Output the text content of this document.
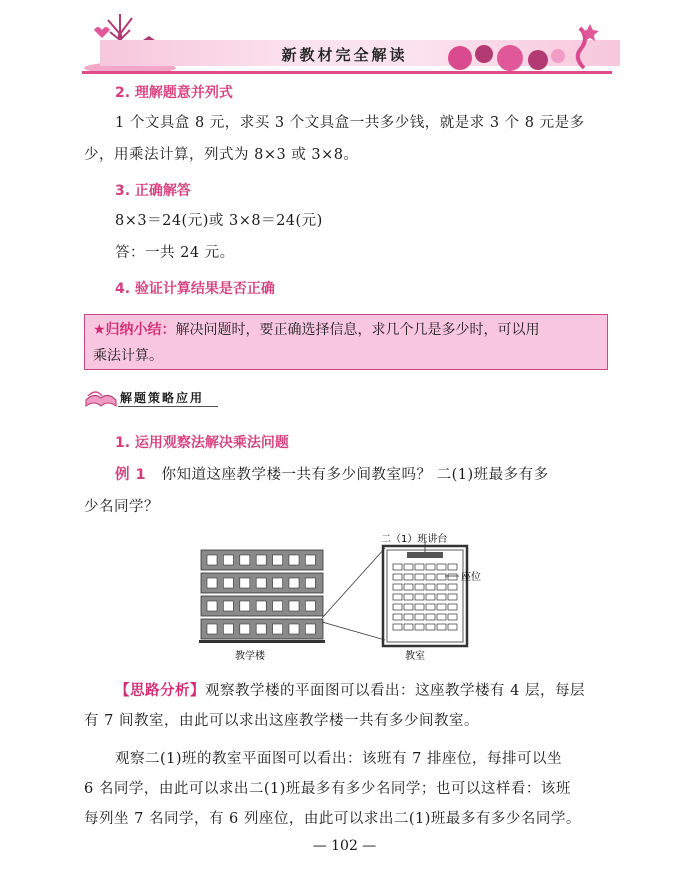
新教材完全解读
2. 理解题意并列式
1 个文具盒 8 元，求买 3 个文具盒一共多少钱，就是求 3 个 8 元是多
少，用乘法计算，列式为 8×3 或 3×8。
3. 正确解答
8×3＝24(元)或 3×8＝24(元)
答：一共 24 元。
4. 验证计算结果是否正确
★归纳小结：解决问题时，要正确选择信息，求几个几是多少时，可以用
乘法计算。
解题策略应用
1. 运用观察法解决乘法问题
例 1 你知道这座教学楼一共有多少间教室吗？ 二(1)班最多有多
少名同学？
二（1）班讲台
座位
教学楼	教室
【思路分析】观察教学楼的平面图可以看出：这座教学楼有 4 层，每层
有 7 间教室，由此可以求出这座教学楼一共有多少间教室。
观察二(1)班的教室平面图可以看出：该班有 7 排座位，每排可以坐
6 名同学，由此可以求出二(1)班最多有多少名同学；也可以这样看：该班
每列坐 7 名同学，有 6 列座位，由此可以求出二(1)班最多有多少名同学。
— 102 —
